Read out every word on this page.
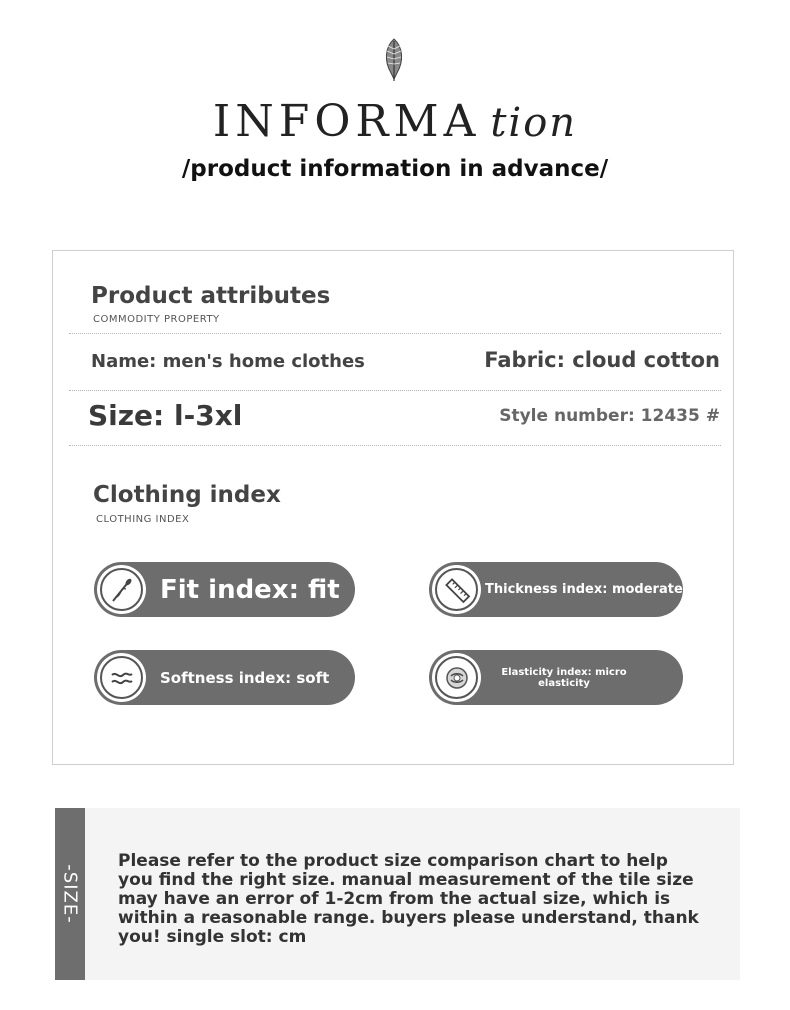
INFORMA tion
/product information in advance/
Product attributes
COMMODITY PROPERTY
Name: men's home clothes	Fabric: cloud cotton
Size: l-3xl	Style number: 12435 #
Clothing index
CLOTHING INDEX
Fit index: fit	Thickness index: moderate
Softness index: soft	Elasticity index: micro elasticity
-SIZE-
Please refer to the product size comparison chart to help you find the right size. manual measurement of the tile size may have an error of 1-2cm from the actual size, which is within a reasonable range. buyers please understand, thank you! single slot: cm
